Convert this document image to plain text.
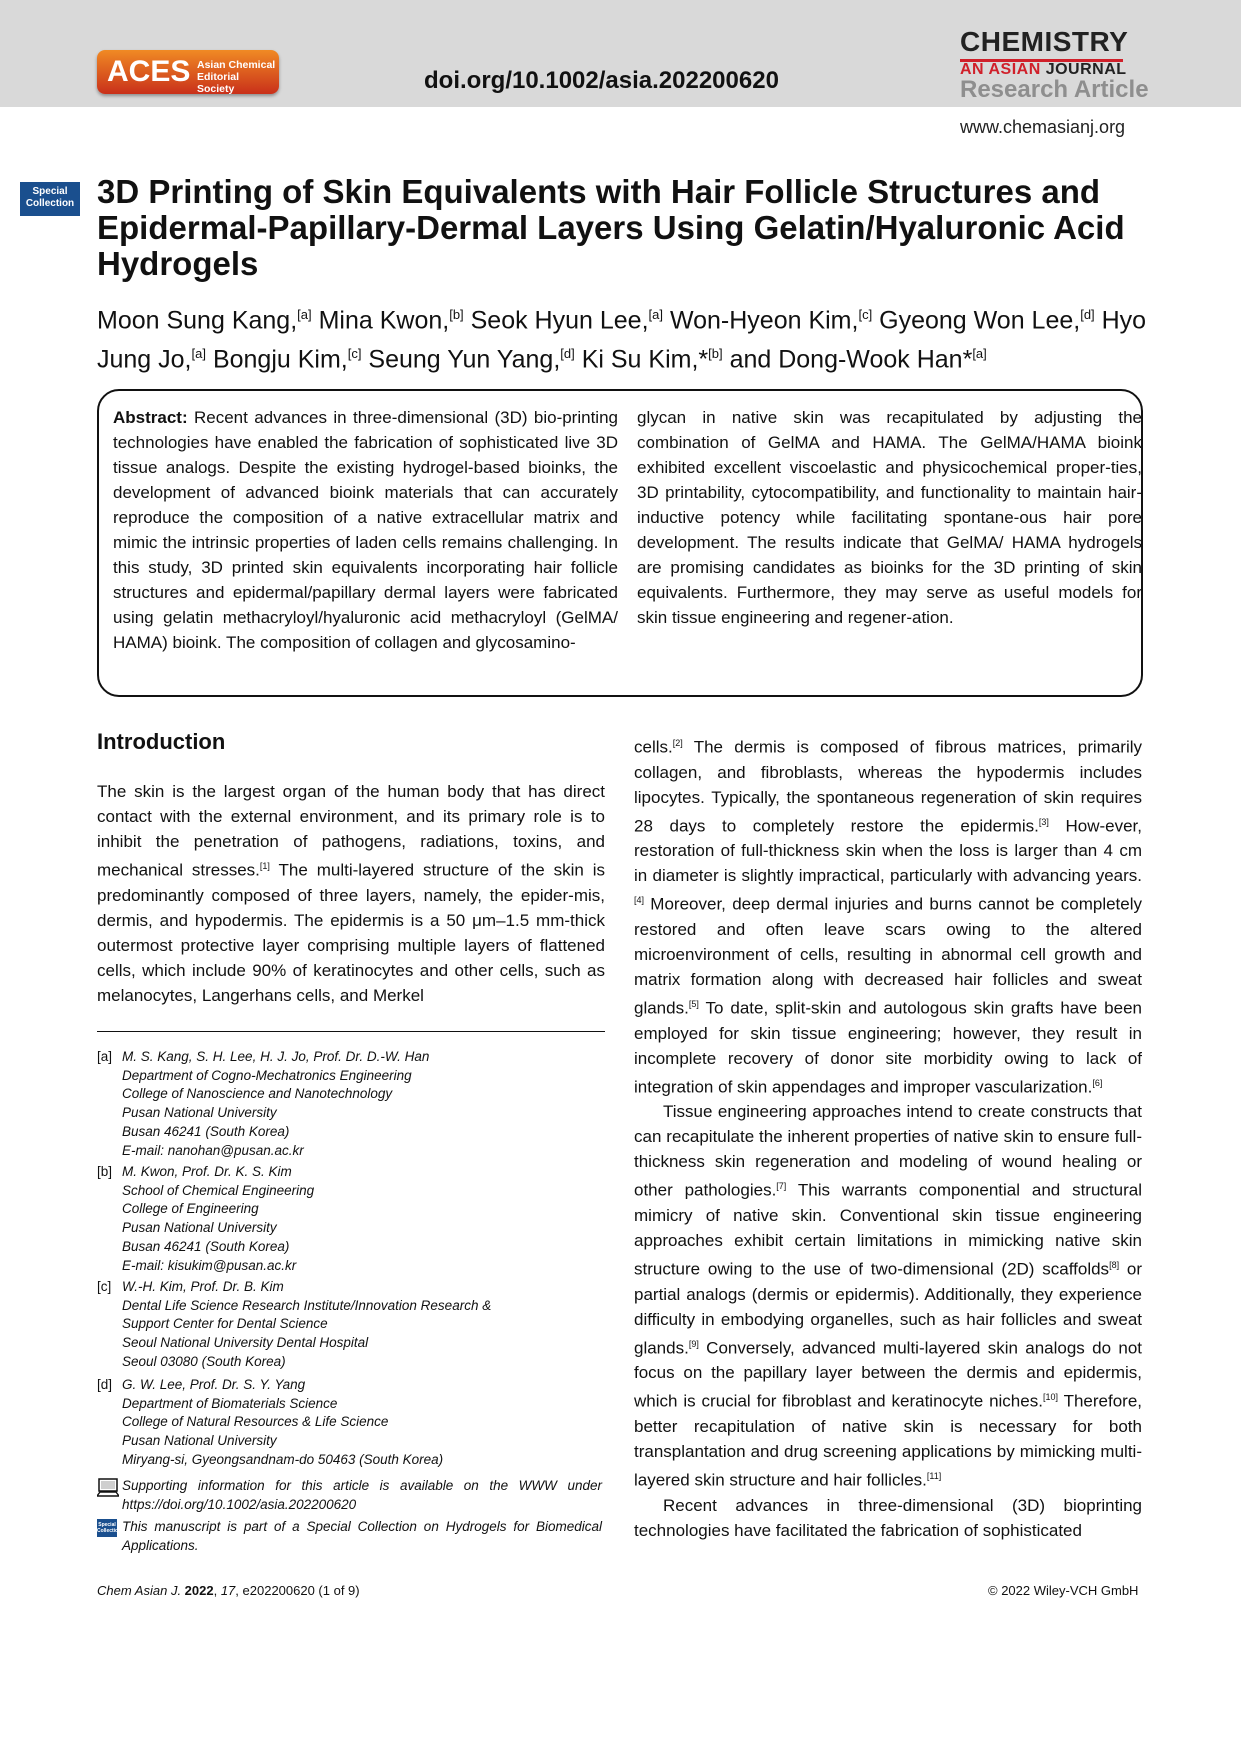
ACES Asian Chemical
Editorial Society	doi.org/10.1002/asia.202200620
CHEMISTRY
AN ASIAN JOURNAL
Research Article
www.chemasianj.org
Special
Collection 3D Printing of Skin Equivalents with Hair Follicle Structures and Epidermal-Papillary-Dermal Layers Using Gelatin/Hyaluronic Acid Hydrogels
Moon Sung Kang,[a] Mina Kwon,[b] Seok Hyun Lee,[a] Won-Hyeon Kim,[c] Gyeong Won Lee,[d] Hyo Jung Jo,[a] Bongju Kim,[c] Seung Yun Yang,[d] Ki Su Kim,*[b] and Dong-Wook Han*[a]
Abstract: Recent advances in three-dimensional (3D) bio-printing technologies have enabled the fabrication of sophisticated live 3D tissue analogs. Despite the existing hydrogel-based bioinks, the development of advanced bioink materials that can accurately reproduce the composition of a native extracellular matrix and mimic the intrinsic properties of laden cells remains challenging. In this study, 3D printed skin equivalents incorporating hair follicle structures and epidermal/papillary dermal layers were fabricated using gelatin methacryloyl/hyaluronic acid methacryloyl (GelMA/ HAMA) bioink. The composition of collagen and glycosamino-
glycan in native skin was recapitulated by adjusting the combination of GelMA and HAMA. The GelMA/HAMA bioink exhibited excellent viscoelastic and physicochemical proper-ties, 3D printability, cytocompatibility, and functionality to maintain hair-inductive potency while facilitating spontane-ous hair pore development. The results indicate that GelMA/ HAMA hydrogels are promising candidates as bioinks for the 3D printing of skin equivalents. Furthermore, they may serve as useful models for skin tissue engineering and regener-ation.
Introduction

The skin is the largest organ of the human body that has direct contact with the external environment, and its primary role is to inhibit the penetration of pathogens, radiations, toxins, and mechanical stresses.[1] The multi-layered structure of the skin is predominantly composed of three layers, namely, the epider-mis, dermis, and hypodermis. The epidermis is a 50 μm–1.5 mm-thick outermost protective layer comprising multiple layers of flattened cells, which include 90% of keratinocytes and other cells, such as melanocytes, Langerhans cells, and Merkel

cells.[2] The dermis is composed of fibrous matrices, primarily collagen, and fibroblasts, whereas the hypodermis includes lipocytes. Typically, the spontaneous regeneration of skin requires 28 days to completely restore the epidermis.[3] How-ever, restoration of full-thickness skin when the loss is larger than 4 cm in diameter is slightly impractical, particularly with advancing years.[4] Moreover, deep dermal injuries and burns cannot be completely restored and often leave scars owing to the altered microenvironment of cells, resulting in abnormal cell growth and matrix formation along with decreased hair follicles and sweat glands.[5] To date, split-skin and autologous skin grafts have been employed for skin tissue engineering; however, they result in incomplete recovery of donor site morbidity owing to lack of integration of skin appendages and improper vascularization.[6]

Tissue engineering approaches intend to create constructs that can recapitulate the inherent properties of native skin to ensure full-thickness skin regeneration and modeling of wound healing or other pathologies.[7] This warrants componential and structural mimicry of native skin. Conventional skin tissue engineering approaches exhibit certain limitations in mimicking native skin structure owing to the use of two-dimensional (2D) scaffolds[8] or partial analogs (dermis or epidermis). Additionally, they experience difficulty in embodying organelles, such as hair follicles and sweat glands.[9] Conversely, advanced multi-layered skin analogs do not focus on the papillary layer between the dermis and epidermis, which is crucial for fibroblast and keratinocyte niches.[10] Therefore, better recapitulation of native skin is necessary for both transplantation and drug screening applications by mimicking multi-layered skin structure and hair follicles.[11]

Recent advances in three-dimensional (3D) bioprinting technologies have facilitated the fabrication of sophisticated

[a] M. S. Kang, S. H. Lee, H. J. Jo, Prof. Dr. D.-W. Han
Department of Cogno-Mechatronics Engineering
College of Nanoscience and Nanotechnology
Pusan National University
Busan 46241 (South Korea)
E-mail: nanohan@pusan.ac.kr
[b] M. Kwon, Prof. Dr. K. S. Kim
School of Chemical Engineering
College of Engineering
Pusan National University
Busan 46241 (South Korea)
E-mail: kisukim@pusan.ac.kr
[c] W.-H. Kim, Prof. Dr. B. Kim
Dental Life Science Research Institute/Innovation Research &
Support Center for Dental Science
Seoul National University Dental Hospital
Seoul 03080 (South Korea)
[d] G. W. Lee, Prof. Dr. S. Y. Yang
Department of Biomaterials Science
College of Natural Resources & Life Science
Pusan National University
Miryang-si, Gyeongsandnam-do 50463 (South Korea)
Supporting information for this article is available on the WWW under https://doi.org/10.1002/asia.202200620
Special
Collection This manuscript is part of a Special Collection on Hydrogels for Biomedical Applications.
Chem Asian J. 2022, 17, e202200620 (1 of 9)	© 2022 Wiley-VCH GmbH
